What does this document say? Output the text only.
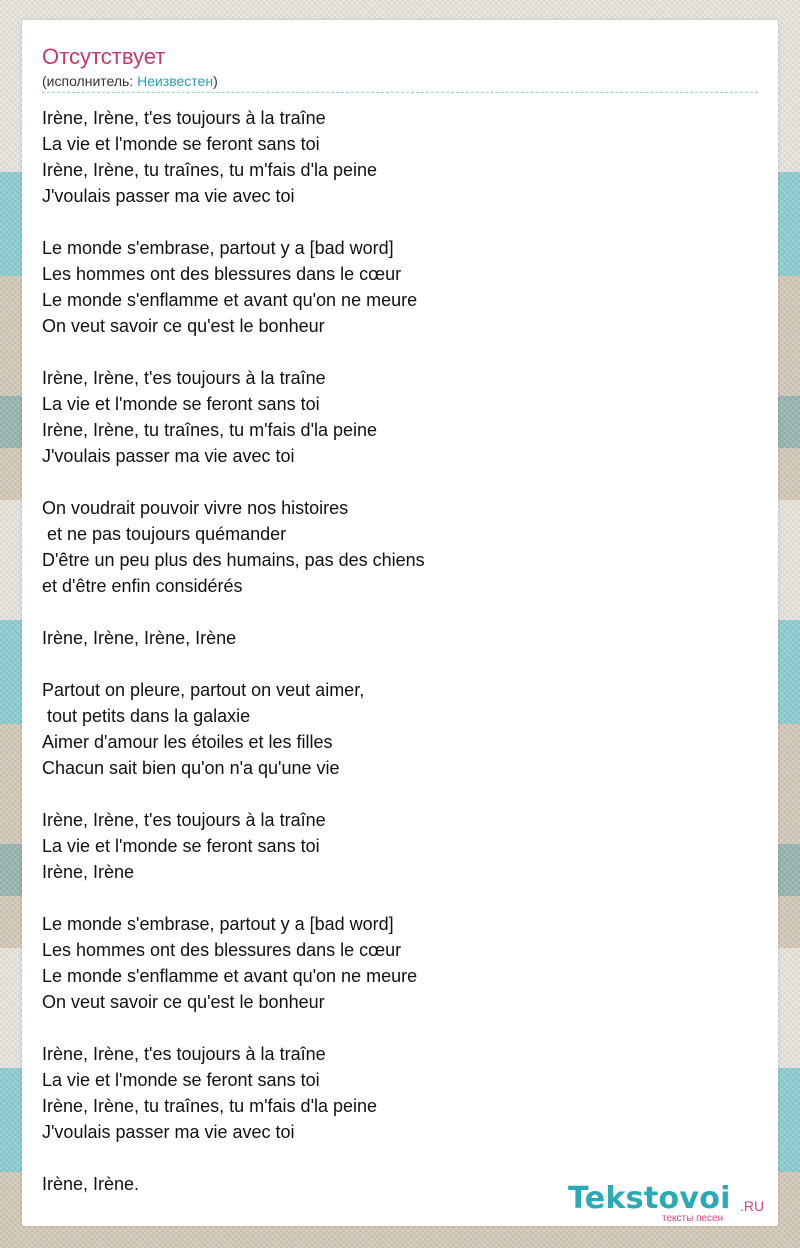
Отсутствует
(исполнитель: Неизвестен)
Irène, Irène, t'es toujours à la traîne
La vie et l'monde se feront sans toi
Irène, Irène, tu traînes, tu m'fais d'la peine
J'voulais passer ma vie avec toi

Le monde s'embrase, partout y a [bad word]
Les hommes ont des blessures dans le cœur
Le monde s'enflamme et avant qu'on ne meure
On veut savoir ce qu'est le bonheur

Irène, Irène, t'es toujours à la traîne
La vie et l'monde se feront sans toi
Irène, Irène, tu traînes, tu m'fais d'la peine
J'voulais passer ma vie avec toi

On voudrait pouvoir vivre nos histoires
et ne pas toujours quémander
D'être un peu plus des humains, pas des chiens
et d'être enfin considérés

Irène, Irène, Irène, Irène

Partout on pleure, partout on veut aimer,
tout petits dans la galaxie
Aimer d'amour les étoiles et les filles
Chacun sait bien qu'on n'a qu'une vie

Irène, Irène, t'es toujours à la traîne
La vie et l'monde se feront sans toi
Irène, Irène

Le monde s'embrase, partout y a [bad word]
Les hommes ont des blessures dans le cœur
Le monde s'enflamme et avant qu'on ne meure
On veut savoir ce qu'est le bonheur

Irène, Irène, t'es toujours à la traîne
La vie et l'monde se feront sans toi
Irène, Irène, tu traînes, tu m'fais d'la peine
J'voulais passer ma vie avec toi

Irène, Irène.	Tekstovoi .RU
тексты песен
